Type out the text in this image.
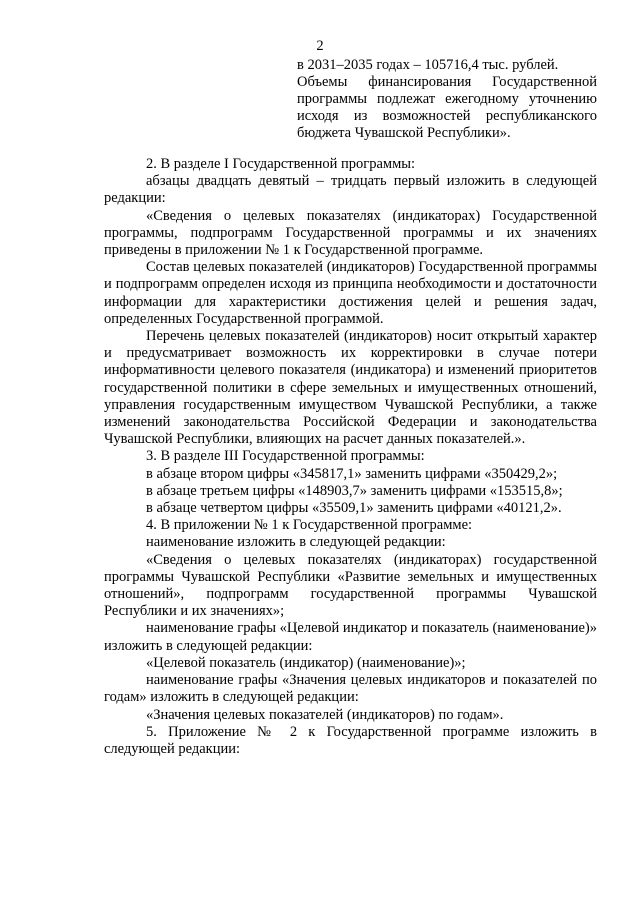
2

в 2031–2035 годах – 105716,4 тыс. рублей.

Объемы финансирования Государственной программы подлежат ежегодному уточнению исходя из возможностей республиканского бюджета Чувашской Республики».

2. В разделе I Государственной программы:

абзацы двадцать девятый – тридцать первый изложить в следующей редакции:

«Сведения о целевых показателях (индикаторах) Государственной программы, подпрограмм Государственной программы и их значениях приведены в приложении № 1 к Государственной программе.

Состав целевых показателей (индикаторов) Государственной программы и подпрограмм определен исходя из принципа необходимости и достаточности информации для характеристики достижения целей и решения задач, определенных Государственной программой.

Перечень целевых показателей (индикаторов) носит открытый характер и предусматривает возможность их корректировки в случае потери информативности целевого показателя (индикатора) и изменений приоритетов государственной политики в сфере земельных и имущественных отношений, управления государственным имуществом Чувашской Республики, а также изменений законодательства Российской Федерации и законодательства Чувашской Республики, влияющих на расчет данных показателей.».

3. В разделе III Государственной программы:

в абзаце втором цифры «345817,1» заменить цифрами «350429,2»;

в абзаце третьем цифры «148903,7» заменить цифрами «153515,8»;

в абзаце четвертом цифры «35509,1» заменить цифрами «40121,2».

4. В приложении № 1 к Государственной программе:

наименование изложить в следующей редакции:

«Сведения о целевых показателях (индикаторах) государственной программы Чувашской Республики «Развитие земельных и имущественных отношений», подпрограмм государственной программы Чувашской Республики и их значениях»;

наименование графы «Целевой индикатор и показатель (наименование)» изложить в следующей редакции:

«Целевой показатель (индикатор) (наименование)»;

наименование графы «Значения целевых индикаторов и показателей по годам» изложить в следующей редакции:

«Значения целевых показателей (индикаторов) по годам».

5. Приложение № 2 к Государственной программе изложить в следующей редакции:
